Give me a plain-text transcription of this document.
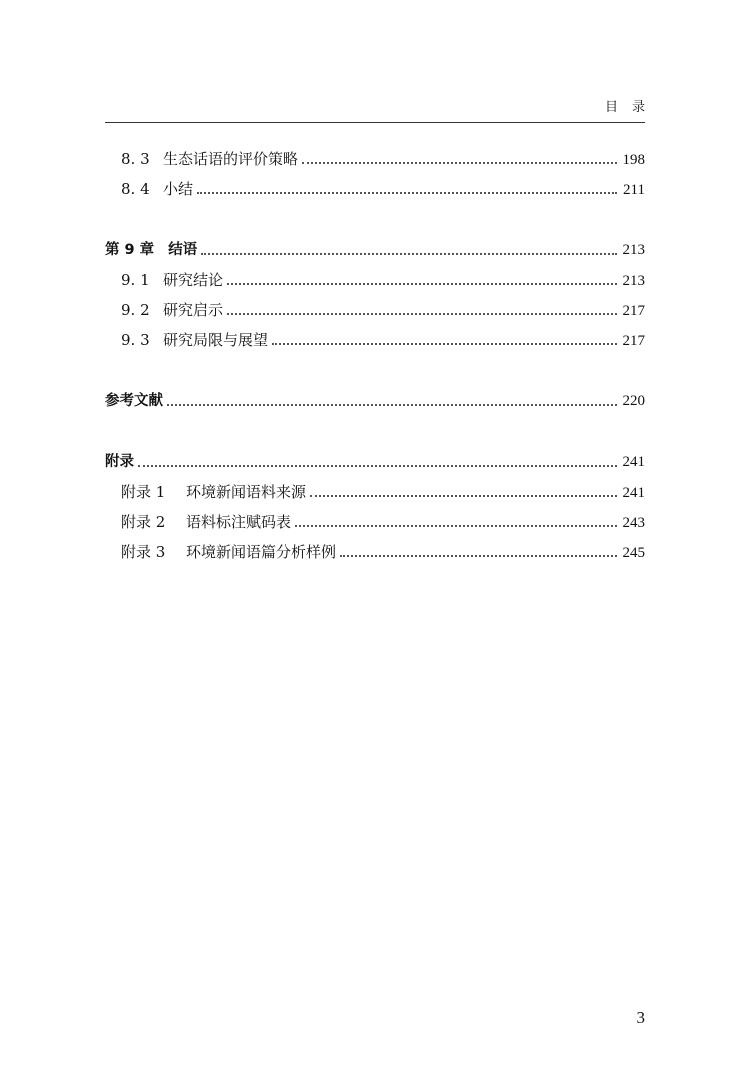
目录
8. 3 生态话语的评价策略	198
8. 4 小结	211
第 9 章 结语	213
9. 1 研究结论	213
9. 2 研究启示	217
9. 3 研究局限与展望	217
参考文献	220
附录	241
附录 1	环境新闻语料来源	241
附录 2	语料标注赋码表	243
附录 3	环境新闻语篇分析样例	245
3
